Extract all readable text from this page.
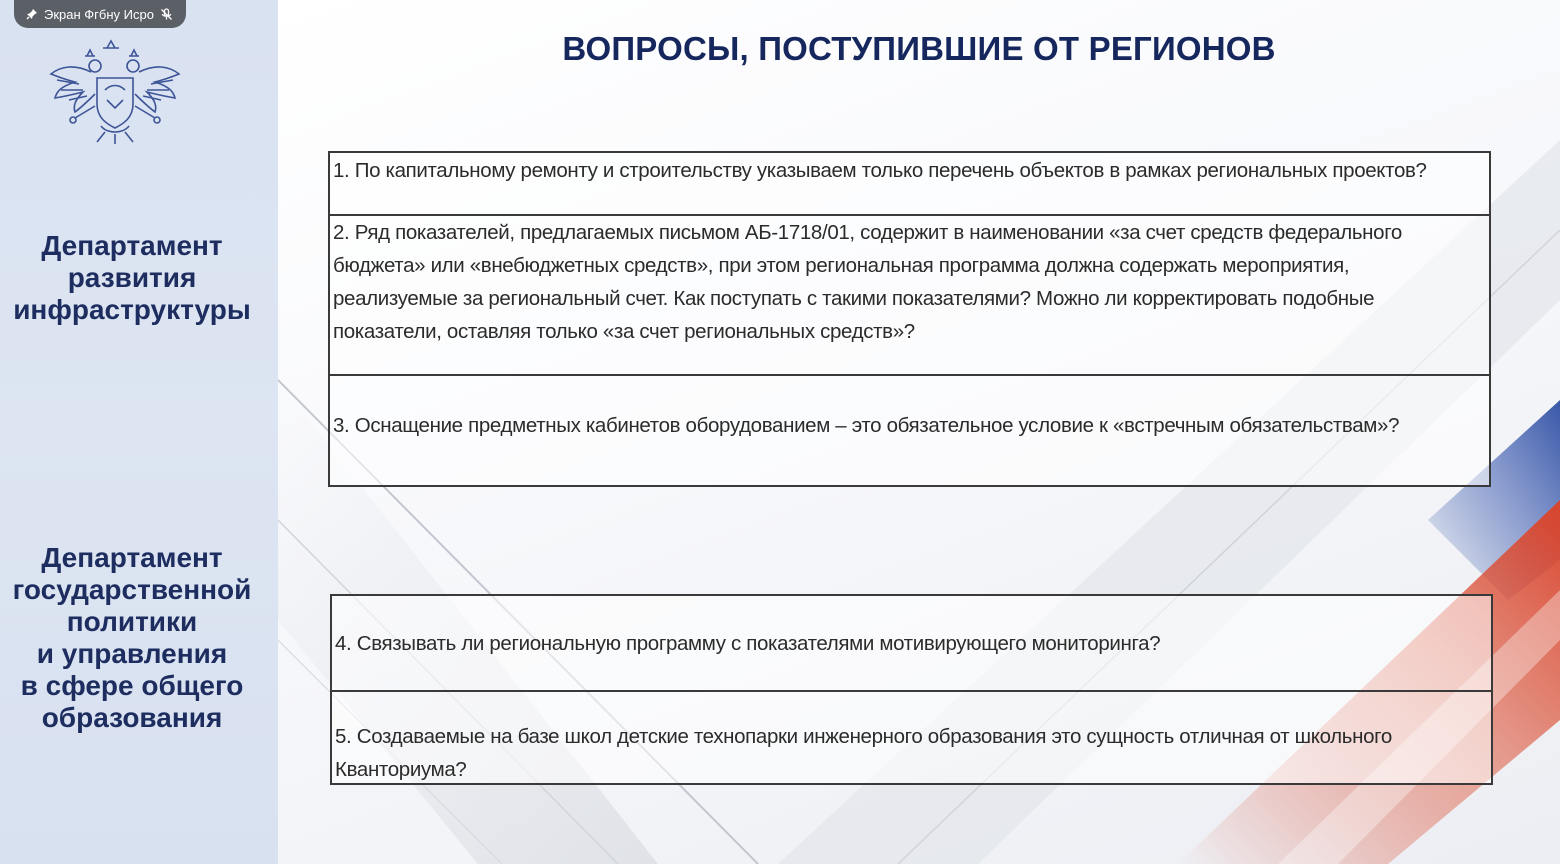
Департамент
развития
инфраструктуры
Департамент
государственной
политики
и управления
в сфере общего
образования
Экран Фгбну Исро
ВОПРОСЫ, ПОСТУПИВШИЕ ОТ РЕГИОНОВ
1. По капитальному ремонту и строительству указываем только перечень объектов в рамках региональных проектов?
2. Ряд показателей, предлагаемых письмом АБ-1718/01, содержит в наименовании «за счет средств федерального бюджета» или «внебюджетных средств», при этом региональная программа должна содержать мероприятия, реализуемые за региональный счет. Как поступать с такими показателями? Можно ли корректировать подобные показатели, оставляя только «за счет региональных средств»?
3. Оснащение предметных кабинетов оборудованием – это обязательное условие к «встречным обязательствам»?
4. Связывать ли региональную программу с показателями мотивирующего мониторинга?
5. Создаваемые на базе школ детские технопарки инженерного образования это сущность отличная от школьного Кванториума?
